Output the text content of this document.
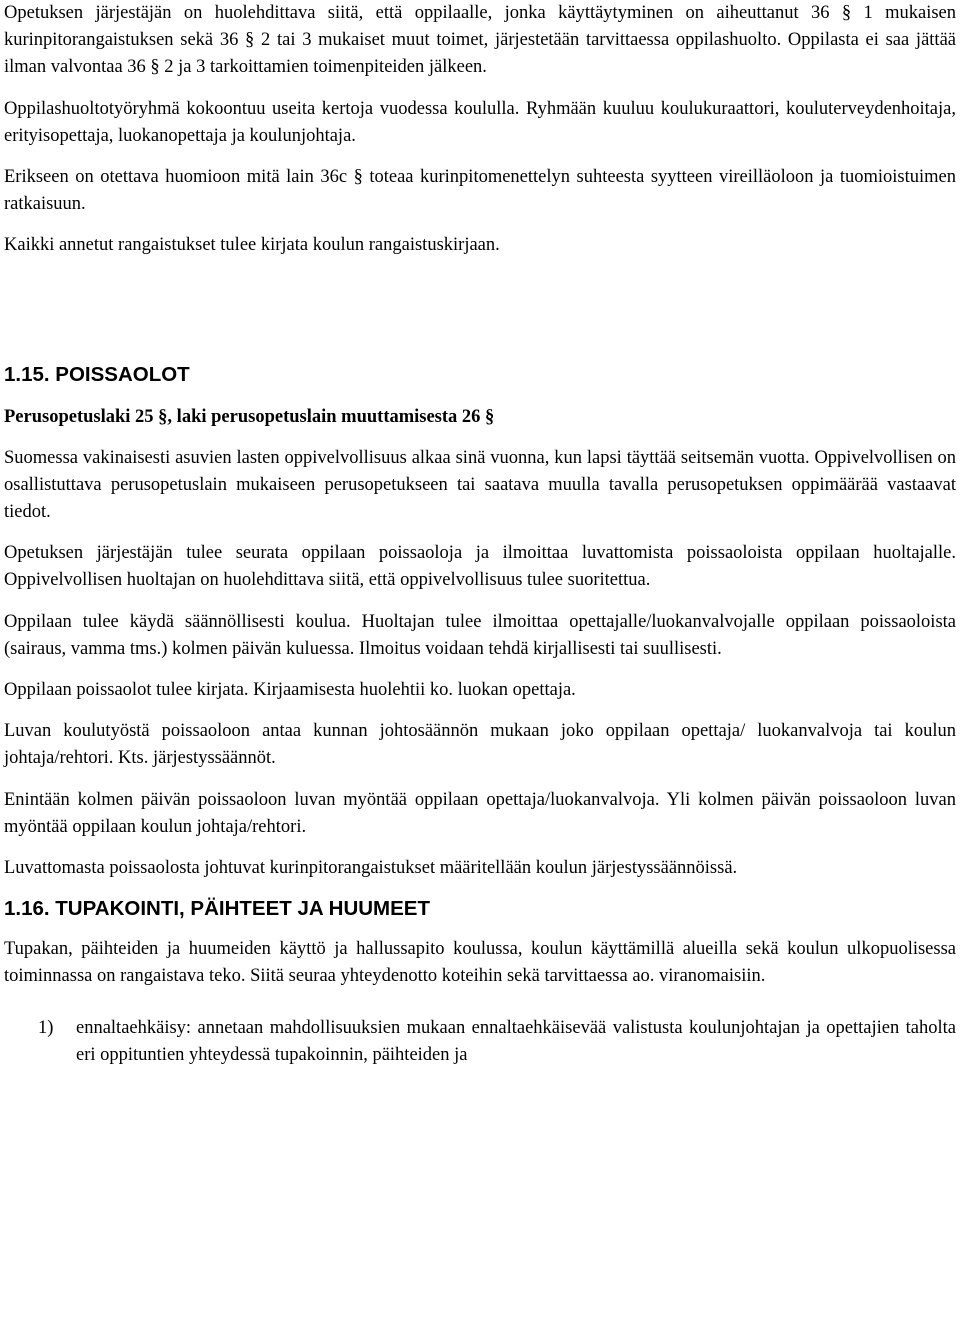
Opetuksen järjestäjän on huolehdittava siitä, että oppilaalle, jonka käyttäytyminen on aiheuttanut 36 § 1 mukaisen kurinpitorangaistuksen sekä 36 § 2 tai 3 mukaiset muut toimet, järjestetään tarvittaessa oppilashuolto. Oppilasta ei saa jättää ilman valvontaa 36 § 2 ja 3 tarkoittamien toimenpiteiden jälkeen.

Oppilashuoltotyöryhmä kokoontuu useita kertoja vuodessa koululla. Ryhmään kuuluu koulukuraattori, kouluterveydenhoitaja, erityisopettaja, luokanopettaja ja koulunjohtaja.

Erikseen on otettava huomioon mitä lain 36c § toteaa kurinpitomenettelyn suhteesta syytteen vireilläoloon ja tuomioistuimen ratkaisuun.

Kaikki annetut rangaistukset tulee kirjata koulun rangaistuskirjaan.

1.15. POISSAOLOT

Perusopetuslaki 25 §, laki perusopetuslain muuttamisesta 26 §

Suomessa vakinaisesti asuvien lasten oppivelvollisuus alkaa sinä vuonna, kun lapsi täyttää seitsemän vuotta. Oppivelvollisen on osallistuttava perusopetuslain mukaiseen perusopetukseen tai saatava muulla tavalla perusopetuksen oppimäärää vastaavat tiedot.

Opetuksen järjestäjän tulee seurata oppilaan poissaoloja ja ilmoittaa luvattomista poissaoloista oppilaan huoltajalle. Oppivelvollisen huoltajan on huolehdittava siitä, että oppivelvollisuus tulee suoritettua.

Oppilaan tulee käydä säännöllisesti koulua. Huoltajan tulee ilmoittaa opettajalle/luokanvalvojalle oppilaan poissaoloista (sairaus, vamma tms.) kolmen päivän kuluessa. Ilmoitus voidaan tehdä kirjallisesti tai suullisesti.

Oppilaan poissaolot tulee kirjata. Kirjaamisesta huolehtii ko. luokan opettaja.

Luvan koulutyöstä poissaoloon antaa kunnan johtosäännön mukaan joko oppilaan opettaja/ luokanvalvoja tai koulun johtaja/rehtori. Kts. järjestyssäännöt.

Enintään kolmen päivän poissaoloon luvan myöntää oppilaan opettaja/luokanvalvoja. Yli kolmen päivän poissaoloon luvan myöntää oppilaan koulun johtaja/rehtori.

Luvattomasta poissaolosta johtuvat kurinpitorangaistukset määritellään koulun järjestyssäännöissä.

1.16. TUPAKOINTI, PÄIHTEET JA HUUMEET

Tupakan, päihteiden ja huumeiden käyttö ja hallussapito koulussa, koulun käyttämillä alueilla sekä koulun ulkopuolisessa toiminnassa on rangaistava teko. Siitä seuraa yhteydenotto koteihin sekä tarvittaessa ao. viranomaisiin.

1)	ennaltaehkäisy: annetaan mahdollisuuksien mukaan ennaltaehkäisevää valistusta koulunjohtajan ja opettajien taholta eri oppituntien yhteydessä tupakoinnin, päihteiden ja
